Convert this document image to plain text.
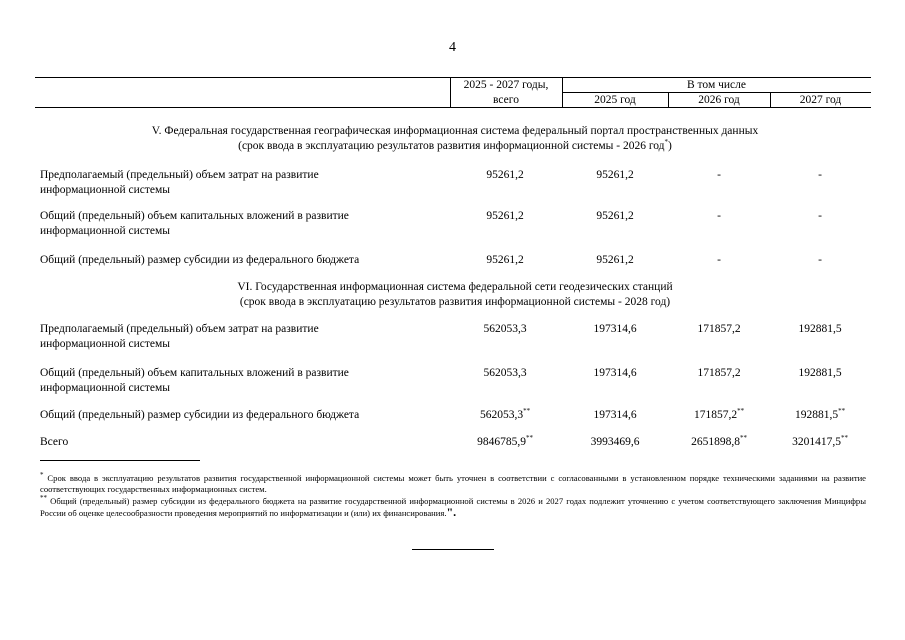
4
2025 - 2027 годы,
всего
В том числе
2025 год	2026 год	2027 год
V. Федеральная государственная географическая информационная система федеральный портал пространственных данных
(срок ввода в эксплуатацию результатов развития информационной системы - 2026 год*)
Предполагаемый (предельный) объем затрат на развитие информационной системы
95261,2	95261,2	-	-
Общий (предельный) объем капитальных вложений в развитие информационной системы
95261,2	95261,2	-	-
Общий (предельный) размер субсидии из федерального бюджета	95261,2	95261,2	-	-
VI. Государственная информационная система федеральной сети геодезических станций
(срок ввода в эксплуатацию результатов развития информационной системы - 2028 год)
Предполагаемый (предельный) объем затрат на развитие информационной системы
562053,3	197314,6	171857,2	192881,5
Общий (предельный) объем капитальных вложений в развитие информационной системы
562053,3	197314,6	171857,2	192881,5
Общий (предельный) размер субсидии из федерального бюджета	562053,3**	197314,6	171857,2**	192881,5**
Всего	9846785,9**	3993469,6	2651898,8**	3201417,5**
* Срок ввода в эксплуатацию результатов развития государственной информационной системы может быть уточнен в соответствии с согласованными в установленном порядке техническими заданиями на развитие соответствующих государственных информационных систем.
** Общий (предельный) размер субсидии из федерального бюджета на развитие государственной информационной системы в 2026 и 2027 годах подлежит уточнению с учетом соответствующего заключения Минцифры России об оценке целесообразности проведения мероприятий по информатизации и (или) их финансирования.".
